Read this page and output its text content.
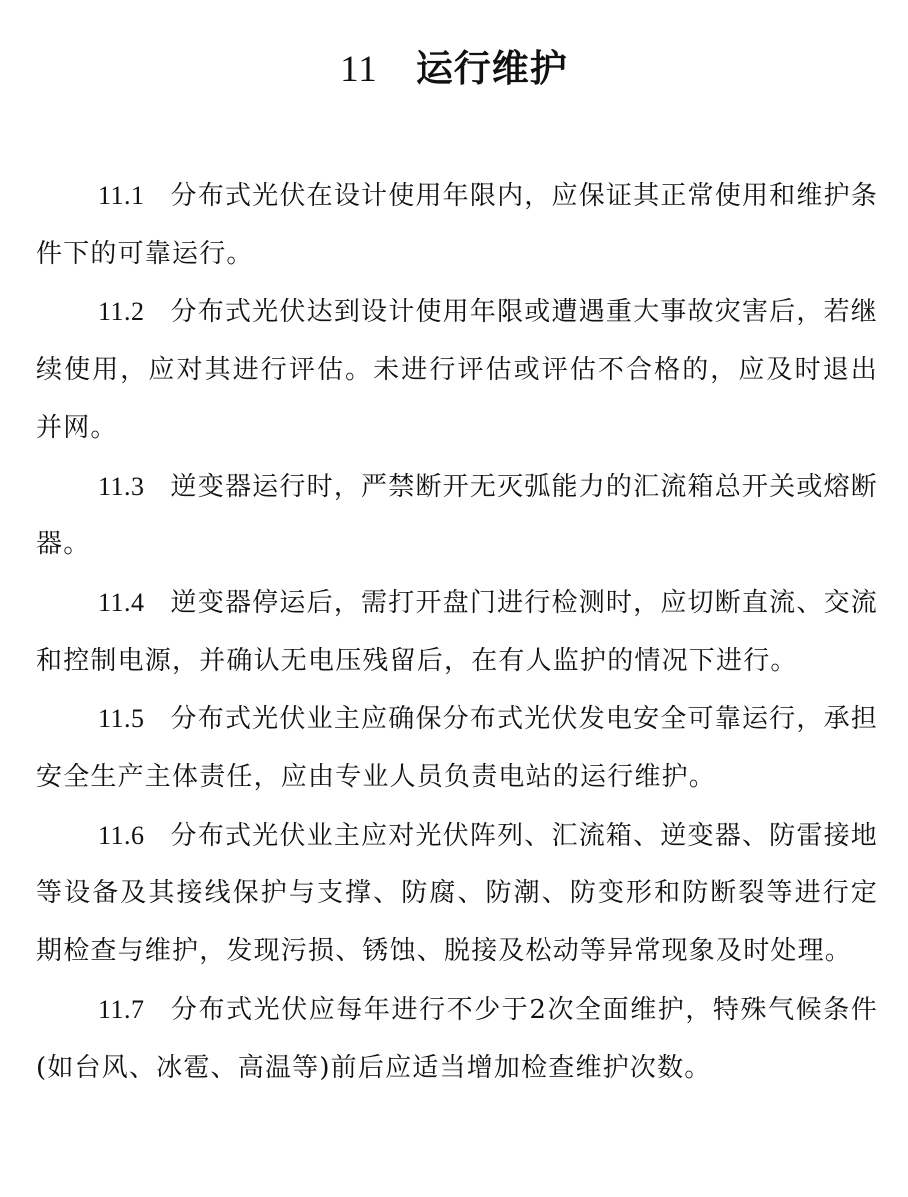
11 运行维护

11.1 分布式光伏在设计使用年限内，应保证其正常使用和维护条件下的可靠运行。

11.2 分布式光伏达到设计使用年限或遭遇重大事故灾害后，若继续使用，应对其进行评估。未进行评估或评估不合格的，应及时退出并网。

11.3 逆变器运行时，严禁断开无灭弧能力的汇流箱总开关或熔断器。

11.4 逆变器停运后，需打开盘门进行检测时，应切断直流、交流和控制电源，并确认无电压残留后，在有人监护的情况下进行。

11.5 分布式光伏业主应确保分布式光伏发电安全可靠运行，承担安全生产主体责任，应由专业人员负责电站的运行维护。

11.6 分布式光伏业主应对光伏阵列、汇流箱、逆变器、防雷接地等设备及其接线保护与支撑、防腐、防潮、防变形和防断裂等进行定期检查与维护，发现污损、锈蚀、脱接及松动等异常现象及时处理。

11.7 分布式光伏应每年进行不少于2次全面维护，特殊气候条件(如台风、冰雹、高温等)前后应适当增加检查维护次数。
